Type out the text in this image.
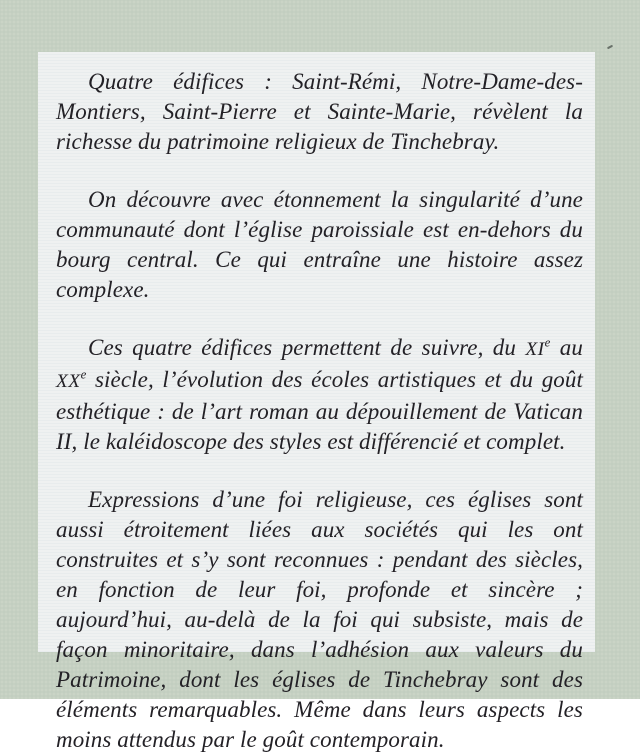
Quatre édifices : Saint-Rémi, Notre-Dame-des-Montiers, Saint-Pierre et Sainte-Marie, révèlent la richesse du patrimoine religieux de Tinchebray.

On découvre avec étonnement la singularité d’une communauté dont l’église paroissiale est en-dehors du bourg central. Ce qui entraîne une histoire assez complexe.

Ces quatre édifices permettent de suivre, du XIe au XXe siècle, l’évolution des écoles artistiques et du goût esthétique : de l’art roman au dépouillement de Vatican II, le kaléidoscope des styles est différencié et complet.

Expressions d’une foi religieuse, ces églises sont aussi étroitement liées aux sociétés qui les ont construites et s’y sont reconnues : pendant des siècles, en fonction de leur foi, profonde et sincère ; aujourd’hui, au-delà de la foi qui subsiste, mais de façon minoritaire, dans l’adhésion aux valeurs du Patrimoine, dont les églises de Tinchebray sont des éléments remarquables. Même dans leurs aspects les moins attendus par le goût contemporain.
